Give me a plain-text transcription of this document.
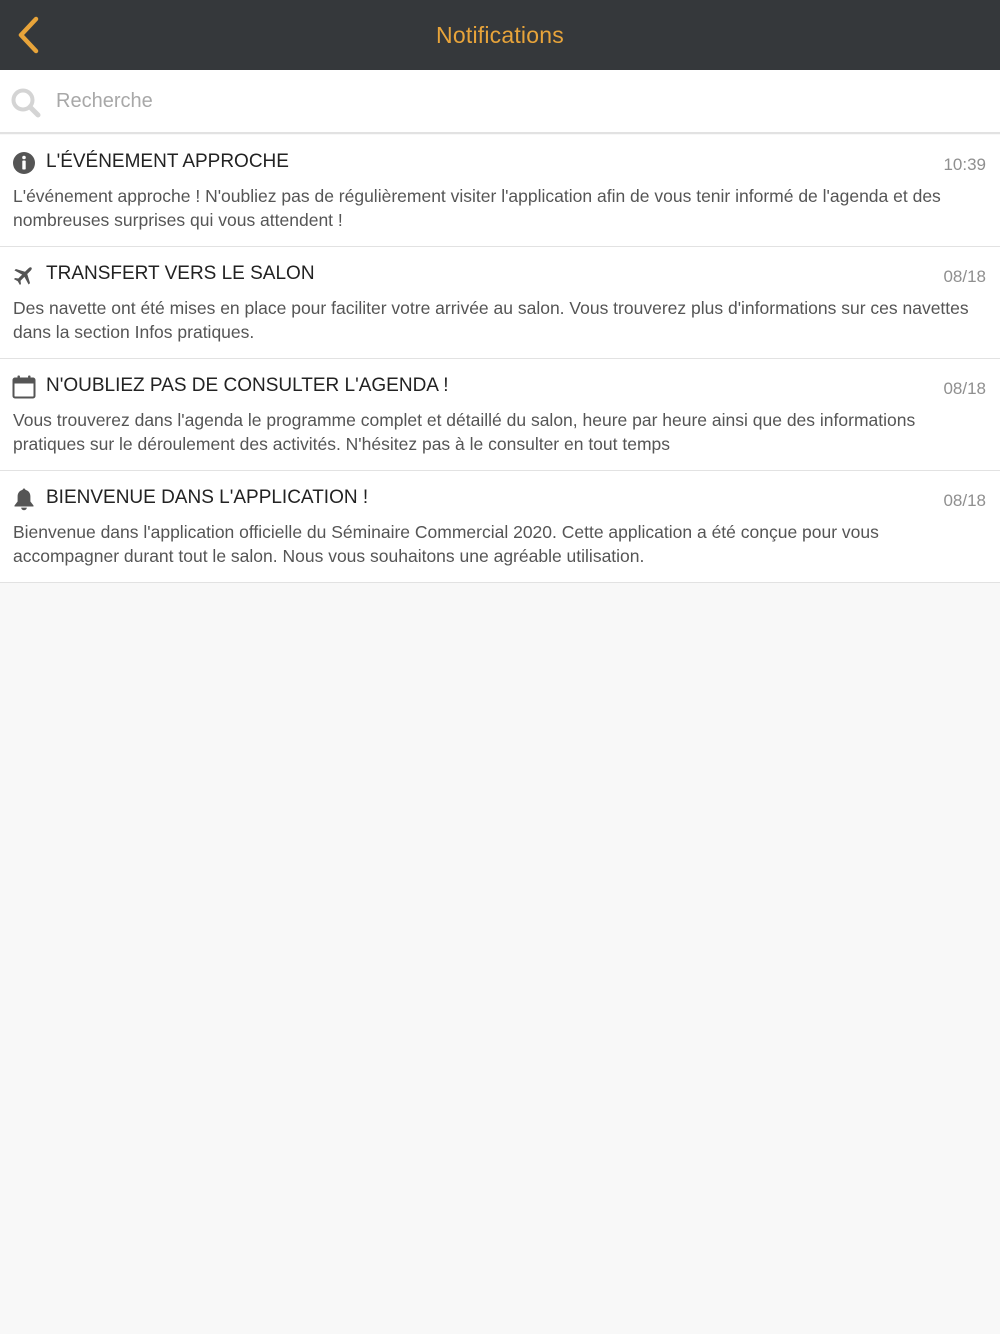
Notifications
Recherche
L'ÉVÉNEMENT APPROCHE	10:39
L'événement approche ! N'oubliez pas de régulièrement visiter l'application afin de vous tenir informé de l'agenda et des nombreuses surprises qui vous attendent !
TRANSFERT VERS LE SALON	08/18
Des navette ont été mises en place pour faciliter votre arrivée au salon. Vous trouverez plus d'informations sur ces navettes dans la section Infos pratiques.
N'OUBLIEZ PAS DE CONSULTER L'AGENDA !	08/18
Vous trouverez dans l'agenda le programme complet et détaillé du salon, heure par heure ainsi que des informations pratiques sur le déroulement des activités. N'hésitez pas à le consulter en tout temps
BIENVENUE DANS L'APPLICATION !	08/18
Bienvenue dans l'application officielle du Séminaire Commercial 2020. Cette application a été conçue pour vous accompagner durant tout le salon. Nous vous souhaitons une agréable utilisation.
